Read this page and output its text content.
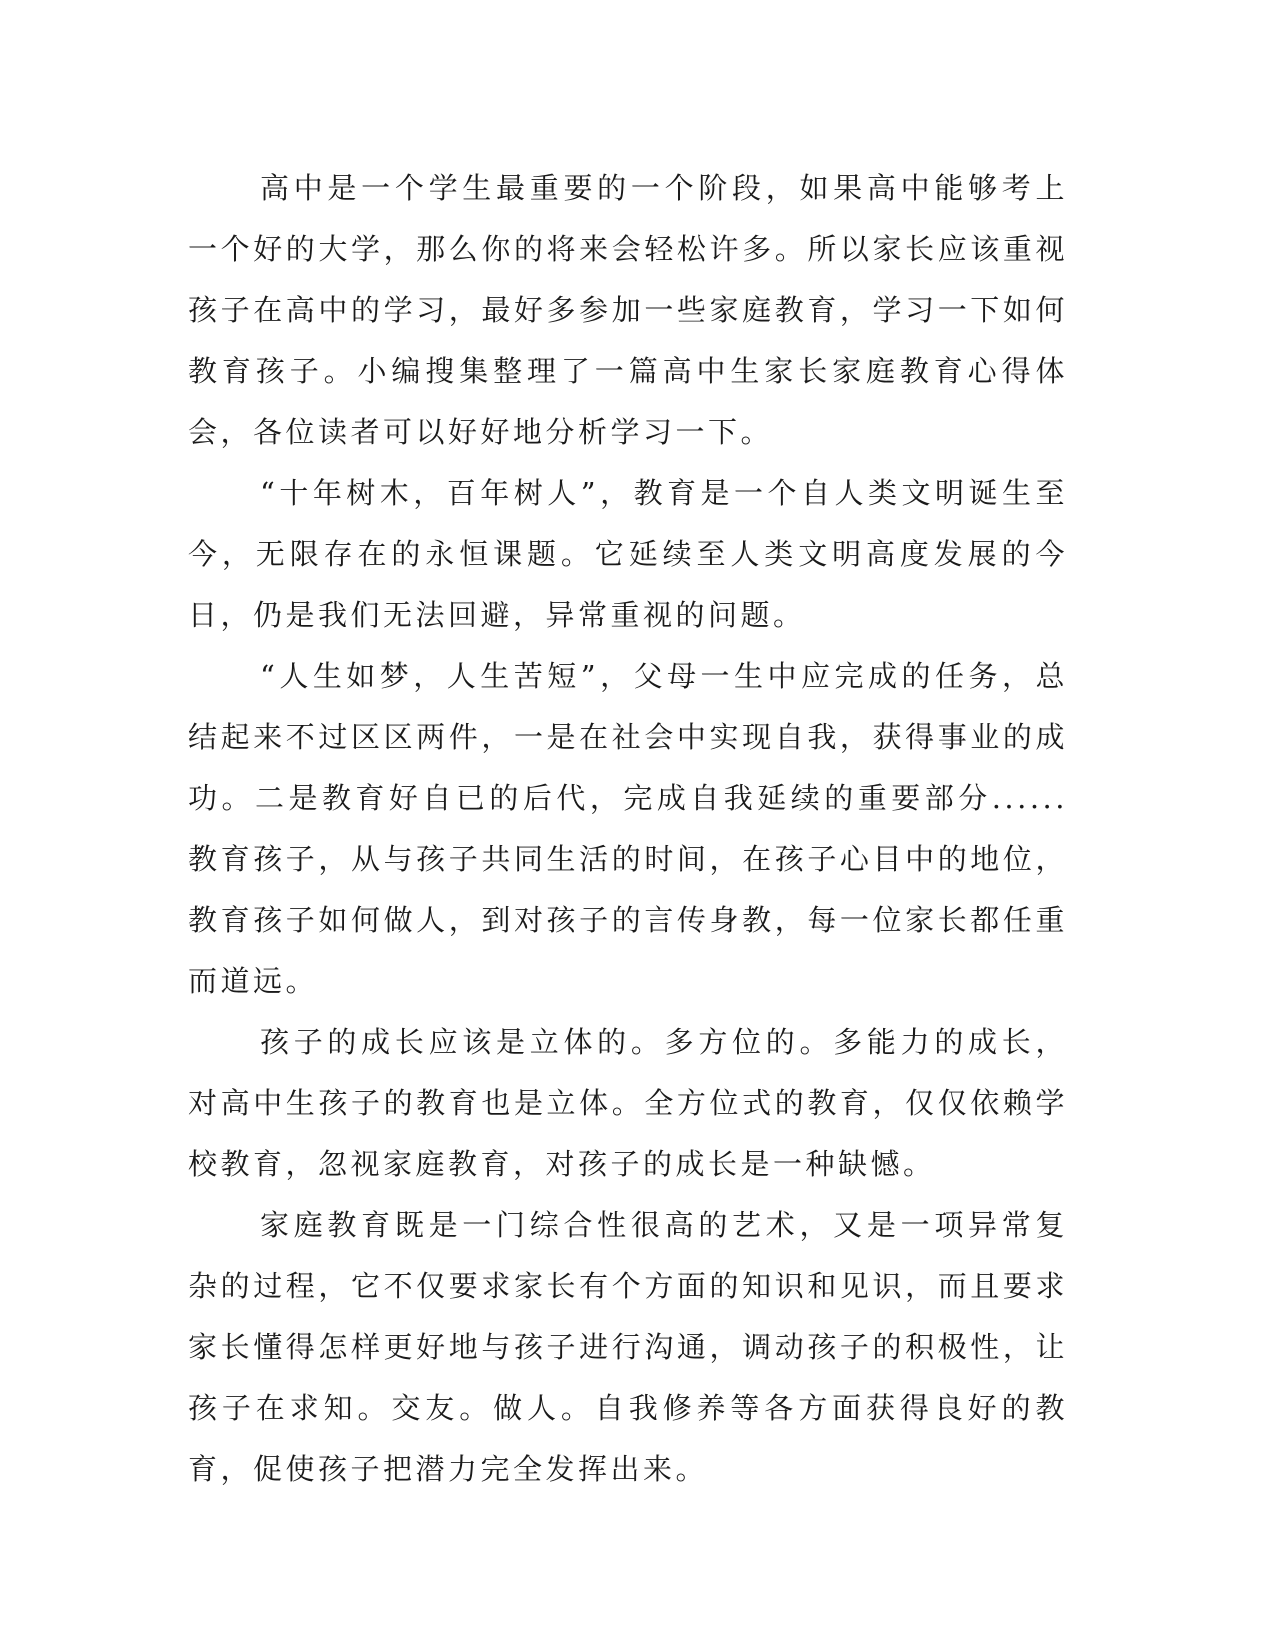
高中是一个学生最重要的一个阶段，如果高中能够考上一个好的大学，那么你的将来会轻松许多。所以家长应该重视孩子在高中的学习，最好多参加一些家庭教育，学习一下如何教育孩子。小编搜集整理了一篇高中生家长家庭教育心得体会，各位读者可以好好地分析学习一下。

“十年树木，百年树人”，教育是一个自人类文明诞生至今，无限存在的永恒课题。它延续至人类文明高度发展的今日，仍是我们无法回避，异常重视的问题。

“人生如梦，人生苦短”，父母一生中应完成的任务，总结起来不过区区两件，一是在社会中实现自我，获得事业的成功。二是教育好自已的后代，完成自我延续的重要部分......教育孩子，从与孩子共同生活的时间，在孩子心目中的地位，教育孩子如何做人，到对孩子的言传身教，每一位家长都任重而道远。

孩子的成长应该是立体的。多方位的。多能力的成长，对高中生孩子的教育也是立体。全方位式的教育，仅仅依赖学校教育，忽视家庭教育，对孩子的成长是一种缺憾。

家庭教育既是一门综合性很高的艺术，又是一项异常复杂的过程，它不仅要求家长有个方面的知识和见识，而且要求家长懂得怎样更好地与孩子进行沟通，调动孩子的积极性，让孩子在求知。交友。做人。自我修养等各方面获得良好的教育，促使孩子把潜力完全发挥出来。
